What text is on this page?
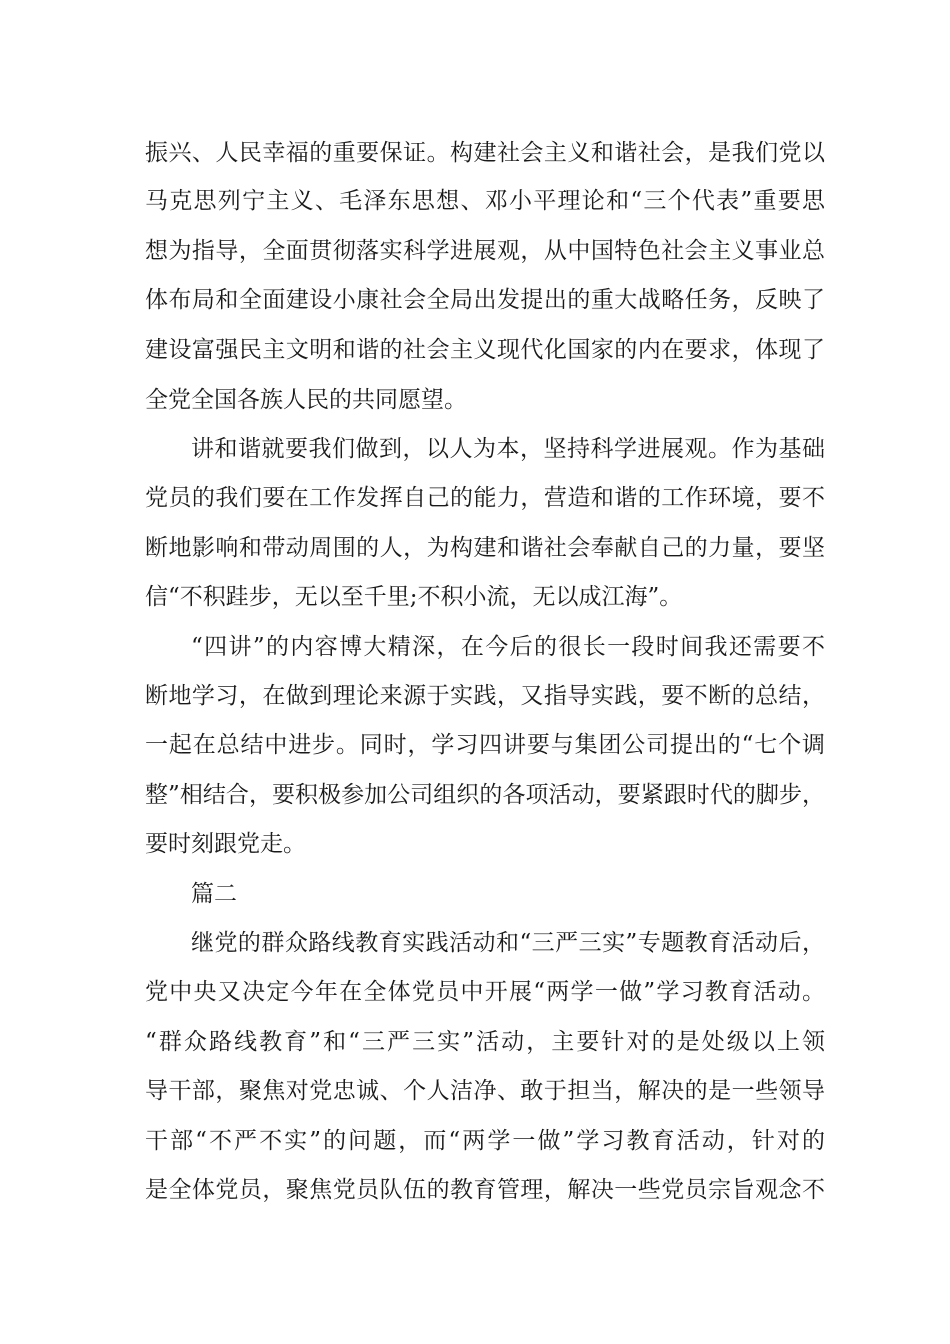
振兴、人民幸福的重要保证。构建社会主义和谐社会，是我们党以
马克思列宁主义、毛泽东思想、邓小平理论和“三个代表”重要思
想为指导，全面贯彻落实科学进展观，从中国特色社会主义事业总
体布局和全面建设小康社会全局出发提出的重大战略任务，反映了
建设富强民主文明和谐的社会主义现代化国家的内在要求，体现了
全党全国各族人民的共同愿望。
讲和谐就要我们做到，以人为本，坚持科学进展观。作为基础
党员的我们要在工作发挥自己的能力，营造和谐的工作环境，要不
断地影响和带动周围的人，为构建和谐社会奉献自己的力量，要坚
信“不积跬步，无以至千里;不积小流，无以成江海”。
“四讲”的内容博大精深，在今后的很长一段时间我还需要不
断地学习，在做到理论来源于实践，又指导实践，要不断的总结，
一起在总结中进步。同时，学习四讲要与集团公司提出的“七个调
整”相结合，要积极参加公司组织的各项活动，要紧跟时代的脚步，
要时刻跟党走。
篇二
继党的群众路线教育实践活动和“三严三实”专题教育活动后，
党中央又决定今年在全体党员中开展“两学一做”学习教育活动。
“群众路线教育”和“三严三实”活动，主要针对的是处级以上领
导干部，聚焦对党忠诚、个人洁净、敢于担当，解决的是一些领导
干部“不严不实”的问题，而“两学一做”学习教育活动，针对的
是全体党员，聚焦党员队伍的教育管理，解决一些党员宗旨观念不
